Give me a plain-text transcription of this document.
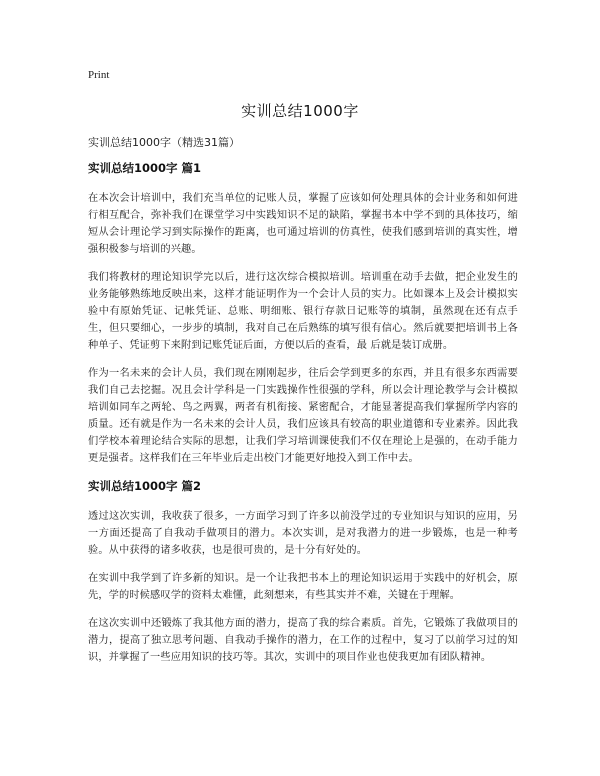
Print
实训总结1000字
实训总结1000字（精选31篇）
实训总结1000字 篇1

在本次会计培训中，我们充当单位的记账人员，掌握了应该如何处理具体的会计业务和如何进行相互配合，弥补我们在课堂学习中实践知识不足的缺陷，掌握书本中学不到的具体技巧，缩短从会计理论学习到实际操作的距离，也可通过培训的仿真性，使我们感到培训的真实性，增强积极参与培训的兴趣。

我们将教材的理论知识学完以后，进行这次综合模拟培训。培训重在动手去做，把企业发生的业务能够熟练地反映出来，这样才能证明作为一个会计人员的实力。比如课本上及会计模拟实验中有原始凭证、记帐凭证、总账、明细账、银行存款日记账等的填制，虽然现在还有点手生，但只要细心，一步步的填制，我对自己在后熟练的填写很有信心。然后就要把培训书上各种单子、凭证剪下来附到记账凭证后面，方便以后的查看，最 后就是装订成册。

作为一名未来的会计人员，我们现在刚刚起步，往后会学到更多的东西，并且有很多东西需要我们自己去挖掘。况且会计学科是一门实践操作性很强的学科，所以会计理论教学与会计模拟培训如同车之两轮、鸟之两翼，两者有机衔接、紧密配合，才能显著提高我们掌握所学内容的质量。还有就是作为一名未来的会计人员，我们应该具有较高的职业道德和专业素养。因此我们学校本着理论结合实际的思想，让我们学习培训课使我们不仅在理论上是强的，在动手能力更是强者。这样我们在三年毕业后走出校门才能更好地投入到工作中去。

实训总结1000字 篇2

透过这次实训，我收获了很多，一方面学习到了许多以前没学过的专业知识与知识的应用，另一方面还提高了自我动手做项目的潜力。本次实训，是对我潜力的进一步锻炼，也是一种考验。从中获得的诸多收获，也是很可贵的，是十分有好处的。

在实训中我学到了许多新的知识。是一个让我把书本上的理论知识运用于实践中的好机会，原先，学的时候感叹学的资料太难懂，此刻想来，有些其实并不难，关键在于理解。

在这次实训中还锻炼了我其他方面的潜力，提高了我的综合素质。首先，它锻炼了我做项目的潜力，提高了独立思考问题、自我动手操作的潜力，在工作的过程中，复习了以前学习过的知识，并掌握了一些应用知识的技巧等。其次，实训中的项目作业也使我更加有团队精神。
